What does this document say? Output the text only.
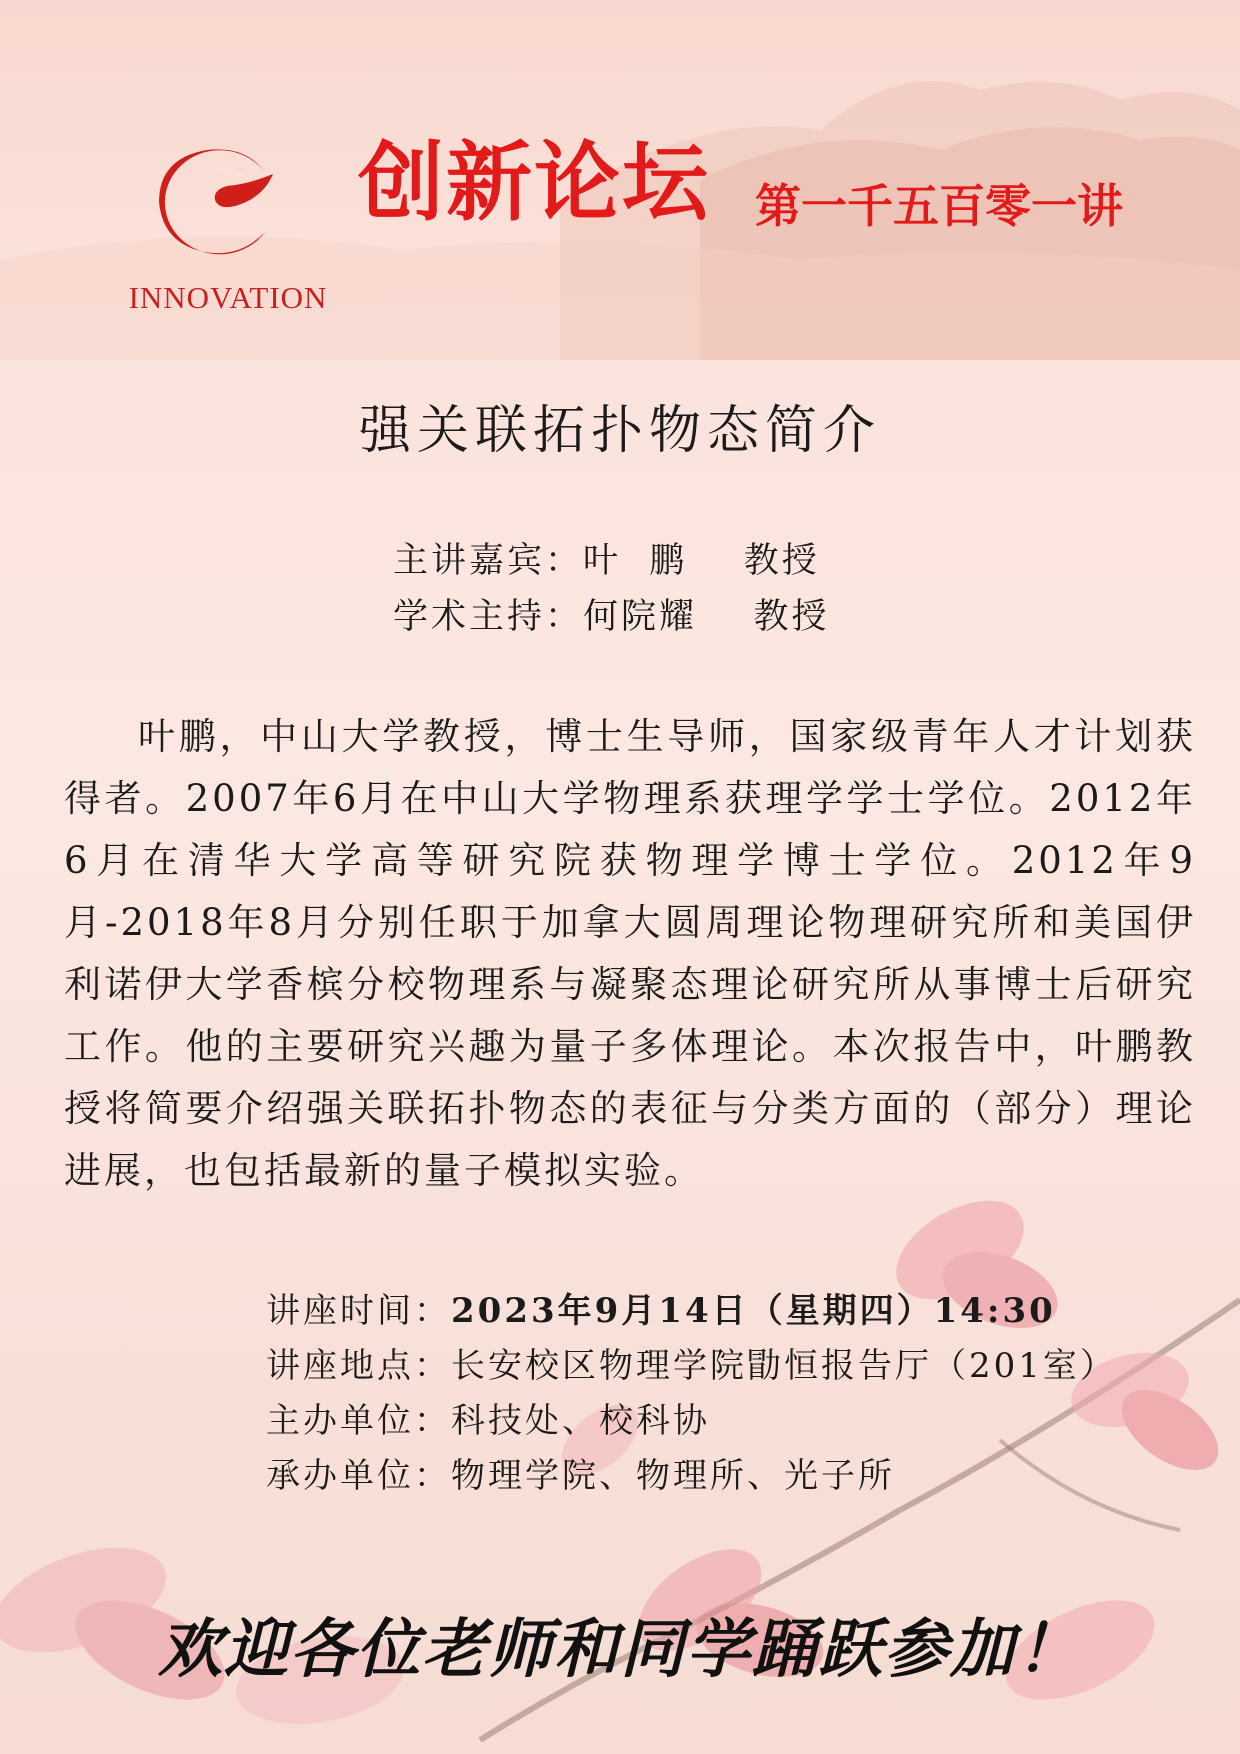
INNOVATION
创新论坛 第一千五百零一讲
强关联拓扑物态简介
主讲嘉宾：叶  鹏 教授
学术主持：何院耀 教授
叶鹏，中山大学教授，博士生导师，国家级青年人才计划获得者。2007年6月在中山大学物理系获理学学士学位。2012年6月在清华大学高等研究院获物理学博士学位。2012年9月-2018年8月分别任职于加拿大圆周理论物理研究所和美国伊利诺伊大学香槟分校物理系与凝聚态理论研究所从事博士后研究工作。他的主要研究兴趣为量子多体理论。本次报告中，叶鹏教授将简要介绍强关联拓扑物态的表征与分类方面的（部分）理论进展，也包括最新的量子模拟实验。
讲座时间：2023年9月14日（星期四）14:30
讲座地点：长安校区物理学院勖恒报告厅（201室）
主办单位：科技处、校科协
承办单位：物理学院、物理所、光子所
欢迎各位老师和同学踊跃参加！
